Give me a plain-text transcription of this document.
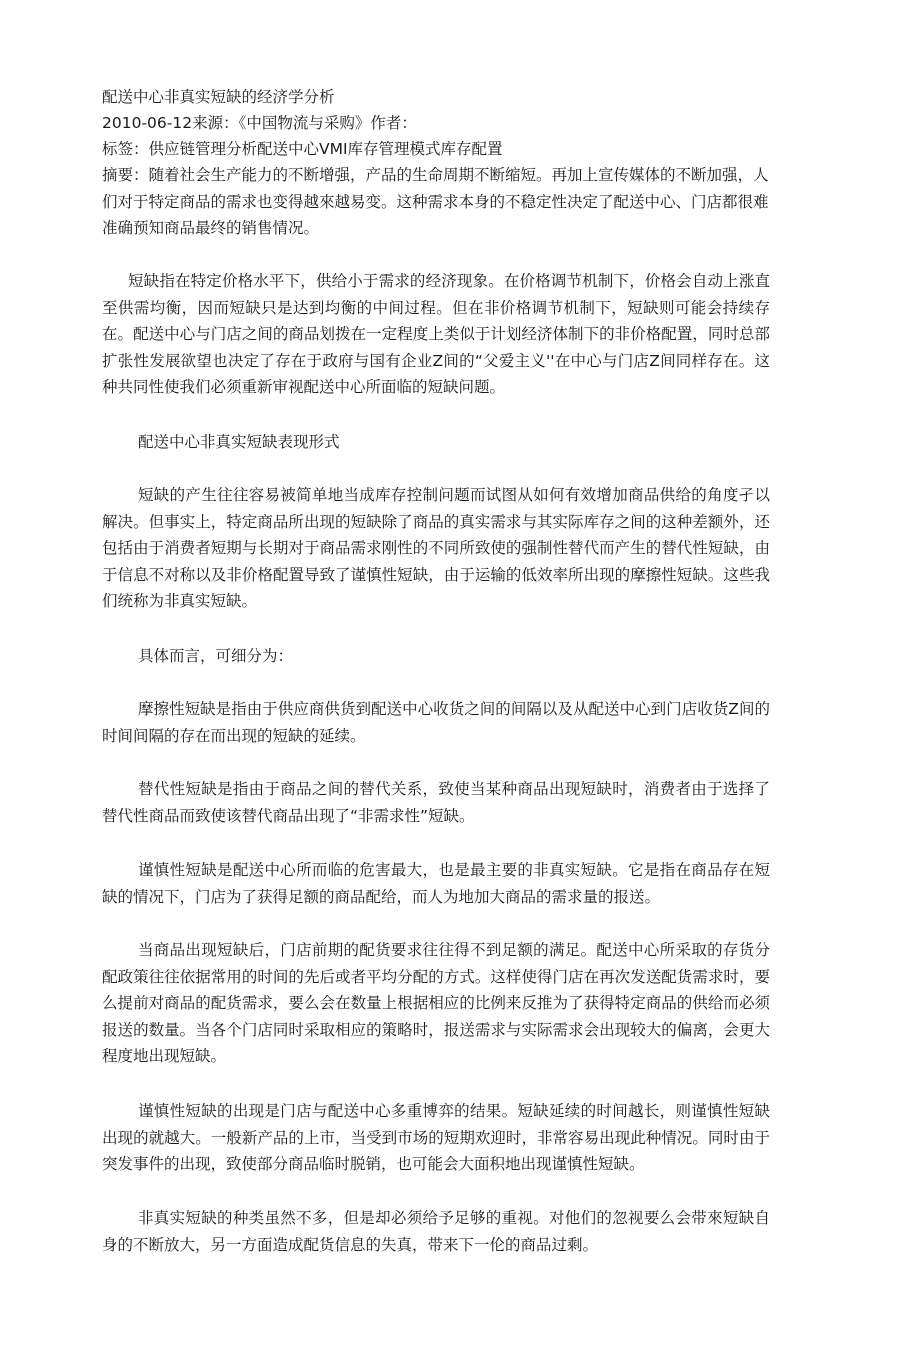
配送中心非真实短缺的经济学分析

2010-06-12来源：《中国物流与采购》作者：

标签：供应链管理分析配送中心VMI库存管理模式库存配置

摘要：随着社会生产能力的不断增强，产品的生命周期不断缩短。再加上宣传媒体的不断加强，人们对于特定商品的需求也变得越來越易变。这种需求本身的不稳定性决定了配送中心、门店都很难准确预知商品最终的销售情况。

短缺指在特定价格水平下，供给小于需求的经济现象。在价格调节机制下，价格会自动上涨直至供需均衡，因而短缺只是达到均衡的中间过程。但在非价格调节机制下，短缺则可能会持续存在。配送中心与门店之间的商品划拨在一定程度上类似于计划经济体制下的非价格配置，同时总部扩张性发展欲望也决定了存在于政府与国有企业Z间的“父爱主义''在中心与门店Z间同样存在。这种共同性使我们必须重新审视配送中心所面临的短缺问题。

配送中心非真实短缺表现形式

短缺的产生往往容易被简单地当成库存控制问题而试图从如何有效增加商品供给的角度孑以解决。但事实上，特定商品所出现的短缺除了商品的真实需求与其实际库存之间的这种差额外，还包括由于消费者短期与长期对于商品需求刚性的不同所致使的强制性替代而产生的替代性短缺，由于信息不对称以及非价格配置导致了谨慎性短缺，由于运输的低效率所出现的摩擦性短缺。这些我们统称为非真实短缺。

具体而言，可细分为：

摩擦性短缺是指由于供应商供货到配送中心收货之间的间隔以及从配送中心到门店收货Z间的时间间隔的存在而出现的短缺的延续。

替代性短缺是指由于商品之间的替代关系，致使当某种商品出现短缺时，消费者由于选择了替代性商品而致使该替代商品出现了“非需求性”短缺。

谨慎性短缺是配送中心所而临的危害最大，也是最主要的非真实短缺。它是指在商品存在短缺的情况下，门店为了获得足额的商品配给，而人为地加大商品的需求量的报送。

当商品出现短缺后，门店前期的配货要求往往得不到足额的满足。配送中心所采取的存货分配政策往往依据常用的时间的先后或者平均分配的方式。这样使得门店在再次发送配货需求时，要么提前对商品的配货需求，要么会在数量上根据相应的比例来反推为了获得特定商品的供给而必须报送的数量。当各个门店同时采取相应的策略时，报送需求与实际需求会出现较大的偏离，会更大程度地出现短缺。

谨慎性短缺的出现是门店与配送中心多重博弈的结果。短缺延续的时间越长，则谨慎性短缺出现的就越大。一般新产品的上市，当受到市场的短期欢迎时，非常容易出现此种情况。同时由于突发事件的出现，致使部分商品临时脱销，也可能会大面积地出现谨慎性短缺。

非真实短缺的种类虽然不多，但是却必须给予足够的重视。对他们的忽视要么会带來短缺自身的不断放大，另一方面造成配货信息的失真，带来下一伦的商品过剩。
